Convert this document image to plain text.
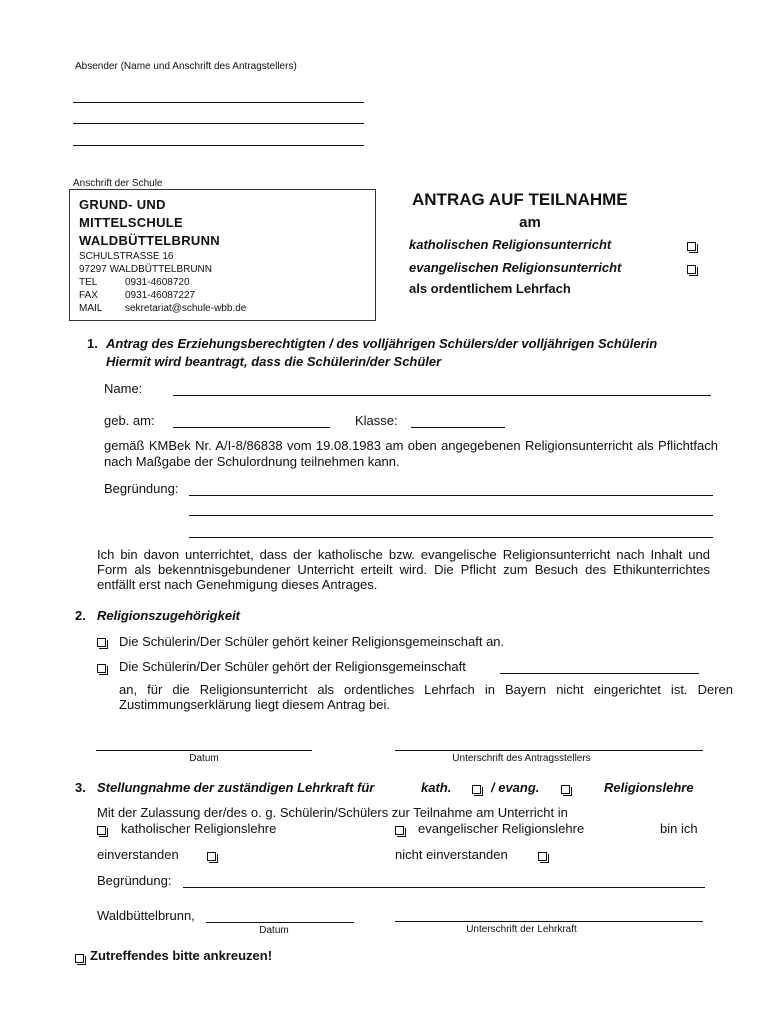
Absender (Name und Anschrift des Antragstellers)
Anschrift der Schule
GRUND- UND
MITTELSCHULE
WALDBÜTTELBRUNN
SCHULSTRASSE 16
97297 WALDBÜTTELBRUNN
TEL	0931-4608720
FAX	0931-46087227
MAIL sekretariat@schule-wbb.de
ANTRAG AUF TEILNAHME
am
katholischen Religionsunterricht
evangelischen Religionsunterricht
als ordentlichem Lehrfach
1. Antrag des Erziehungsberechtigten / des volljährigen Schülers/der volljährigen Schülerin
Hiermit wird beantragt, dass die Schülerin/der Schüler
Name:
geb. am:	Klasse:
gemäß KMBek Nr. A/I-8/86838 vom 19.08.1983 am oben angegebenen Religionsunterricht als Pflichtfach nach Maßgabe der Schulordnung teilnehmen kann.
Begründung:
Ich bin davon unterrichtet, dass der katholische bzw. evangelische Religionsunterricht nach Inhalt und Form als bekenntnisgebundener Unterricht erteilt wird. Die Pflicht zum Besuch des Ethikunterrichtes entfällt erst nach Genehmigung dieses Antrages.
2. Religionszugehörigkeit
Die Schülerin/Der Schüler gehört keiner Religionsgemeinschaft an.
Die Schülerin/Der Schüler gehört der Religionsgemeinschaft
an, für die Religionsunterricht als ordentliches Lehrfach in Bayern nicht eingerichtet ist. Deren Zustimmungserklärung liegt diesem Antrag bei.
Datum	Unterschrift des Antragsstellers
3. Stellungnahme der zuständigen Lehrkraft für	kath.	/ evang.	Religionslehre
Mit der Zulassung der/des o. g. Schülerin/Schülers zur Teilnahme am Unterricht in
katholischer Religionslehre	evangelischer Religionslehre	bin ich
einverstanden	nicht einverstanden
Begründung:
Waldbüttelbrunn,
Datum	Unterschrift der Lehrkraft
Zutreffendes bitte ankreuzen!
